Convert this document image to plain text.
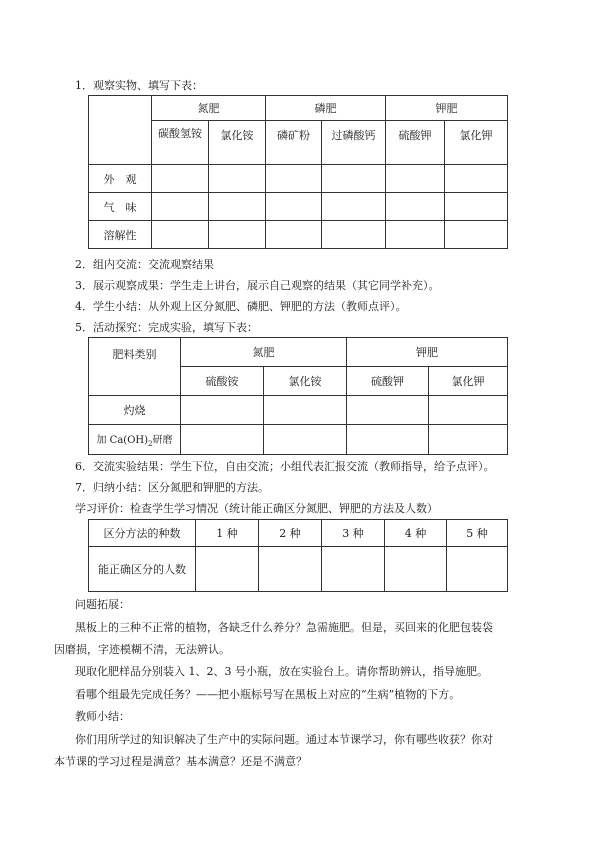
1．观察实物、填写下表：
	氮肥		磷肥		钾肥	
	碳酸氢铵	氯化铵	磷矿粉	过磷酸钙	硫酸钾	氯化钾
外　观						
气　味						
溶解性						
2．组内交流：交流观察结果
3．展示观察成果：学生走上讲台，展示自己观察的结果（其它同学补充）。
4．学生小结：从外观上区分氮肥、磷肥、钾肥的方法（教师点评）。
5．活动探究：完成实验，填写下表：
肥料类别	氮肥		钾肥	
	硫酸铵	氯化铵	硫酸钾	氯化钾
灼烧				
加 $Ca(OH)_2$研磨				
6．交流实验结果：学生下位，自由交流；小组代表汇报交流（教师指导，给予点评）。
7．归纳小结：区分氮肥和钾肥的方法。
学习评价：检查学生学习情况（统计能正确区分氮肥、钾肥的方法及人数）
区分方法的种数	1 种	2 种	3 种	4 种	5 种
能正确区分的人数					
问题拓展：
黑板上的三种不正常的植物，各缺乏什么养分？急需施肥。但是，买回来的化肥包装袋
因磨损，字迹模糊不清，无法辨认。
现取化肥样品分别装入 1、2、3 号小瓶，放在实验台上。请你帮助辨认，指导施肥。
看哪个组最先完成任务？——把小瓶标号写在黑板上对应的“生病”植物的下方。
教师小结：
你们用所学过的知识解决了生产中的实际问题。通过本节课学习，你有哪些收获？你对
本节课的学习过程是满意？基本满意？还是不满意？
